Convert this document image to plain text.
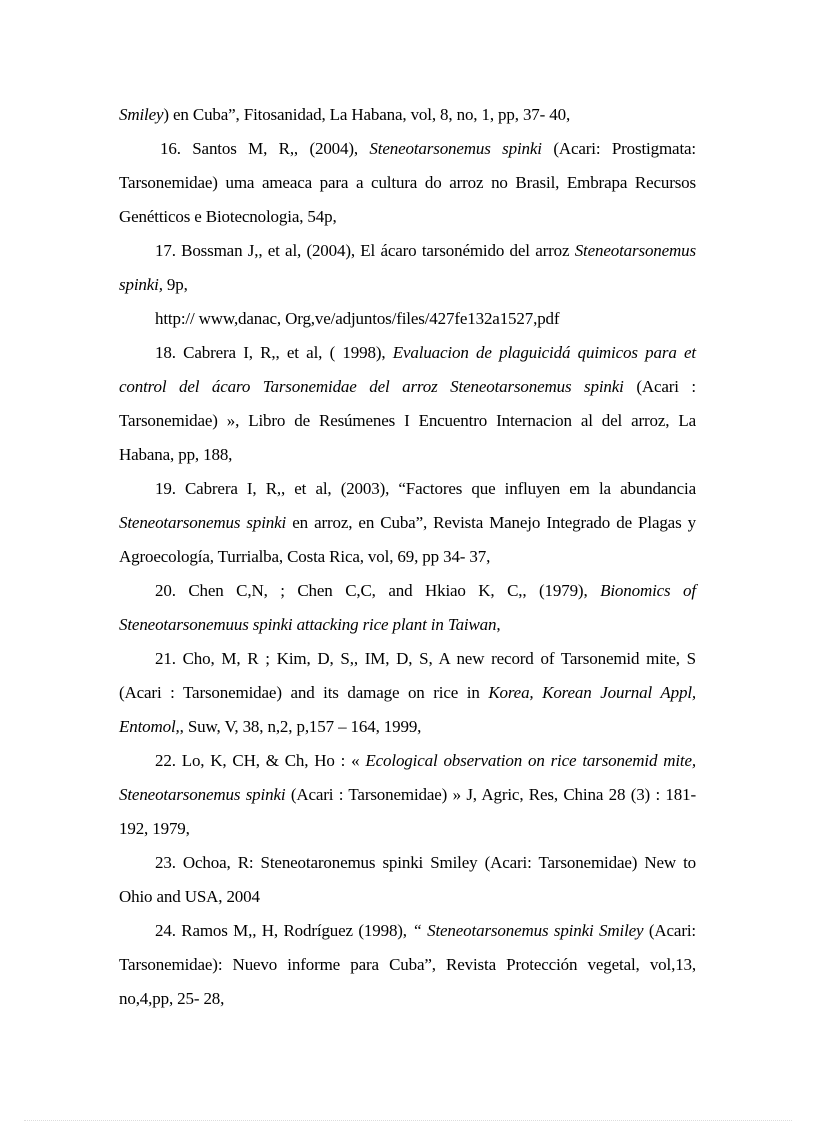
Smiley) en Cuba”, Fitosanidad, La Habana, vol, 8, no, 1, pp, 37- 40,

16. Santos M, R,, (2004), Steneotarsonemus spinki (Acari: Prostigmata: Tarsonemidae) uma ameaca para a cultura do arroz no Brasil, Embrapa Recursos Genétticos e Biotecnologia, 54p,

17. Bossman J,, et al, (2004), El ácaro tarsonémido del arroz Steneotarsonemus spinki, 9p,

http:// www,danac, Org,ve/adjuntos/files/427fe132a1527,pdf

18. Cabrera I, R,, et al, ( 1998), Evaluacion de plaguicidá quimicos para et control del ácaro Tarsonemidae del arroz Steneotarsonemus spinki (Acari : Tarsonemidae) », Libro de Resúmenes I Encuentro Internacion al del arroz, La Habana, pp, 188,

19. Cabrera I, R,, et al, (2003), “Factores que influyen em la abundancia Steneotarsonemus spinki en arroz, en Cuba”, Revista Manejo Integrado de Plagas y Agroecología, Turrialba, Costa Rica, vol, 69, pp 34- 37,

20. Chen C,N, ; Chen C,C, and Hkiao K, C,, (1979), Bionomics of Steneotarsonemuus spinki attacking rice plant in Taiwan,

21. Cho, M, R ; Kim, D, S,, IM, D, S, A new record of Tarsonemid mite, S (Acari : Tarsonemidae) and its damage on rice in Korea, Korean Journal Appl, Entomol,, Suw, V, 38, n,2, p,157 – 164, 1999,

22. Lo, K, CH, & Ch, Ho : « Ecological observation on rice tarsonemid mite, Steneotarsonemus spinki (Acari : Tarsonemidae) » J, Agric, Res, China 28 (3) : 181- 192, 1979,

23. Ochoa, R: Steneotaronemus spinki Smiley (Acari: Tarsonemidae) New to Ohio and USA, 2004

24. Ramos M,, H, Rodríguez (1998), “ Steneotarsonemus spinki Smiley (Acari: Tarsonemidae): Nuevo informe para Cuba”, Revista Protección vegetal, vol,13, no,4,pp, 25- 28,
